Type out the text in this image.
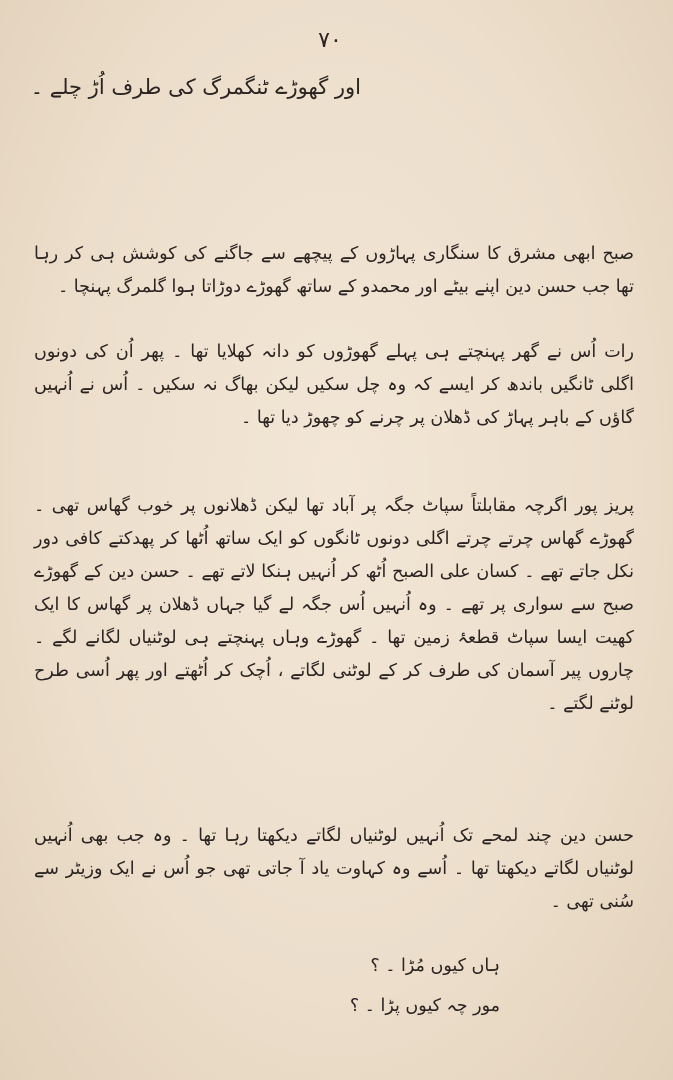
۷۰
اور گھوڑے ٹنگمرگ کی طرف اُڑ چلے ۔

صبح ابھی مشرق کا سنگاری پہاڑوں کے پیچھے سے جاگنے کی کوشش ہی کر رہا تھا جب حسن دین اپنے بیٹے اور محمدو کے ساتھ گھوڑے دوڑاتا ہوا گلمرگ پہنچا ۔

رات اُس نے گھر پہنچتے ہی پہلے گھوڑوں کو دانہ کھلایا تھا ۔ پھر اُن کی دونوں اگلی ٹانگیں باندھ کر ایسے کہ وہ چل سکیں لیکن بھاگ نہ سکیں ۔ اُس نے اُنہیں گاؤں کے باہر پہاڑ کی ڈھلان پر چرنے کو چھوڑ دیا تھا ۔

پریز پور اگرچہ مقابلتاً سپاٹ جگہ پر آباد تھا لیکن ڈھلانوں پر خوب گھاس تھی ۔ گھوڑے گھاس چرتے چرتے اگلی دونوں ٹانگوں کو ایک ساتھ اُٹھا کر پھدکتے کافی دور نکل جاتے تھے ۔ کسان علی الصبح اُٹھ کر اُنہیں ہنکا لاتے تھے ۔ حسن دین کے گھوڑے صبح سے سواری پر تھے ۔ وہ اُنہیں اُس جگہ لے گیا جہاں ڈھلان پر گھاس کا ایک کھیت ایسا سپاٹ قطعۂ زمین تھا ۔ گھوڑے وہاں پہنچتے ہی لوٹنیاں لگانے لگے ۔ چاروں پیر آسمان کی طرف کر کے لوٹنی لگاتے ، اُچک کر اُٹھتے اور پھر اُسی طرح لوٹنے لگتے ۔

حسن دین چند لمحے تک اُنہیں لوٹنیاں لگاتے دیکھتا رہا تھا ۔ وہ جب بھی اُنہیں لوٹنیاں لگاتے دیکھتا تھا ۔ اُسے وہ کہاوت یاد آ جاتی تھی جو اُس نے ایک وزیٹر سے سُنی تھی ۔

ہاں کیوں مُڑا ۔ ؟
مور چہ کیوں پڑا ۔ ؟
